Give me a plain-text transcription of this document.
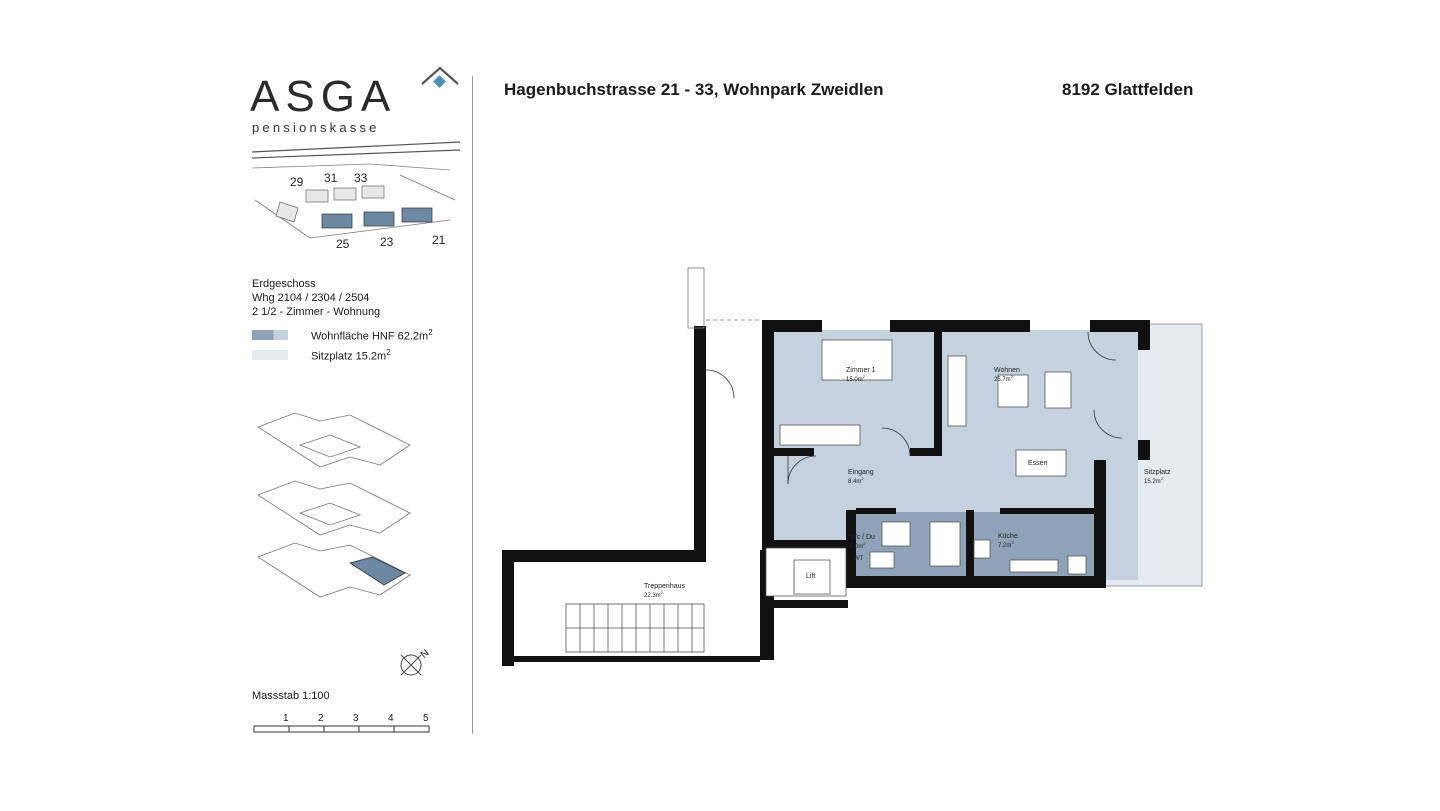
ASGA
pensionskasse
29 31 33
25	23	21
Erdgeschoss
Whg 2104 / 2304 / 2504
2 1/2 - Zimmer - Wohnung
Wohnfläche HNF $62.2m^2$
Sitzplatz $15.2m^2$
N
Massstab 1:100
1	2	3	4	5
Hagenbuchstrasse 21 - 33, Wohnpark Zweidlen	8192 Glattfelden
Zimmer 1
$15.0m^2$
Wohnen
$25.7m^2$
Essen
Eingang
$8.4m^2$
Wc / Du
$5.0m^2$
WT
Küche
$7.2m^2$
Lift
Treppenhaus
$22.3m^2$
Sitzplatz
$15.2m^2$
